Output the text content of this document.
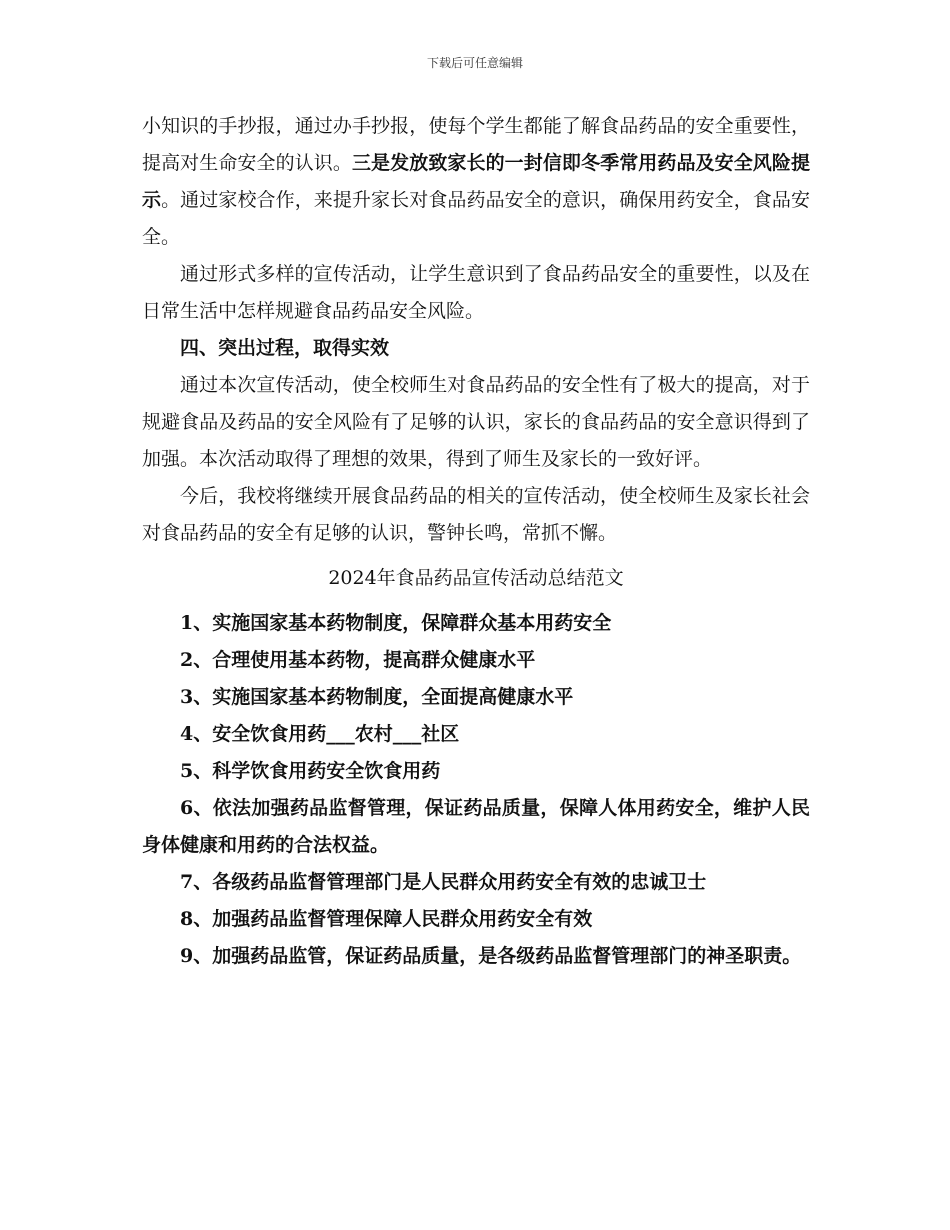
下载后可任意编辑

小知识的手抄报，通过办手抄报，使每个学生都能了解食品药品的安全重要性，提高对生命安全的认识。三是发放致家长的一封信即冬季常用药品及安全风险提示。通过家校合作，来提升家长对食品药品安全的意识，确保用药安全，食品安全。

通过形式多样的宣传活动，让学生意识到了食品药品安全的重要性，以及在日常生活中怎样规避食品药品安全风险。

四、突出过程，取得实效

通过本次宣传活动，使全校师生对食品药品的安全性有了极大的提高，对于规避食品及药品的安全风险有了足够的认识，家长的食品药品的安全意识得到了加强。本次活动取得了理想的效果，得到了师生及家长的一致好评。

今后，我校将继续开展食品药品的相关的宣传活动，使全校师生及家长社会对食品药品的安全有足够的认识，警钟长鸣，常抓不懈。

2024年食品药品宣传活动总结范文

1、实施国家基本药物制度，保障群众基本用药安全

2、合理使用基本药物，提高群众健康水平

3、实施国家基本药物制度，全面提高健康水平

4、安全饮食用药___农村___社区

5、科学饮食用药安全饮食用药

6、依法加强药品监督管理，保证药品质量，保障人体用药安全，维护人民身体健康和用药的合法权益。

7、各级药品监督管理部门是人民群众用药安全有效的忠诚卫士

8、加强药品监督管理保障人民群众用药安全有效

9、加强药品监管，保证药品质量，是各级药品监督管理部门的神圣职责。
